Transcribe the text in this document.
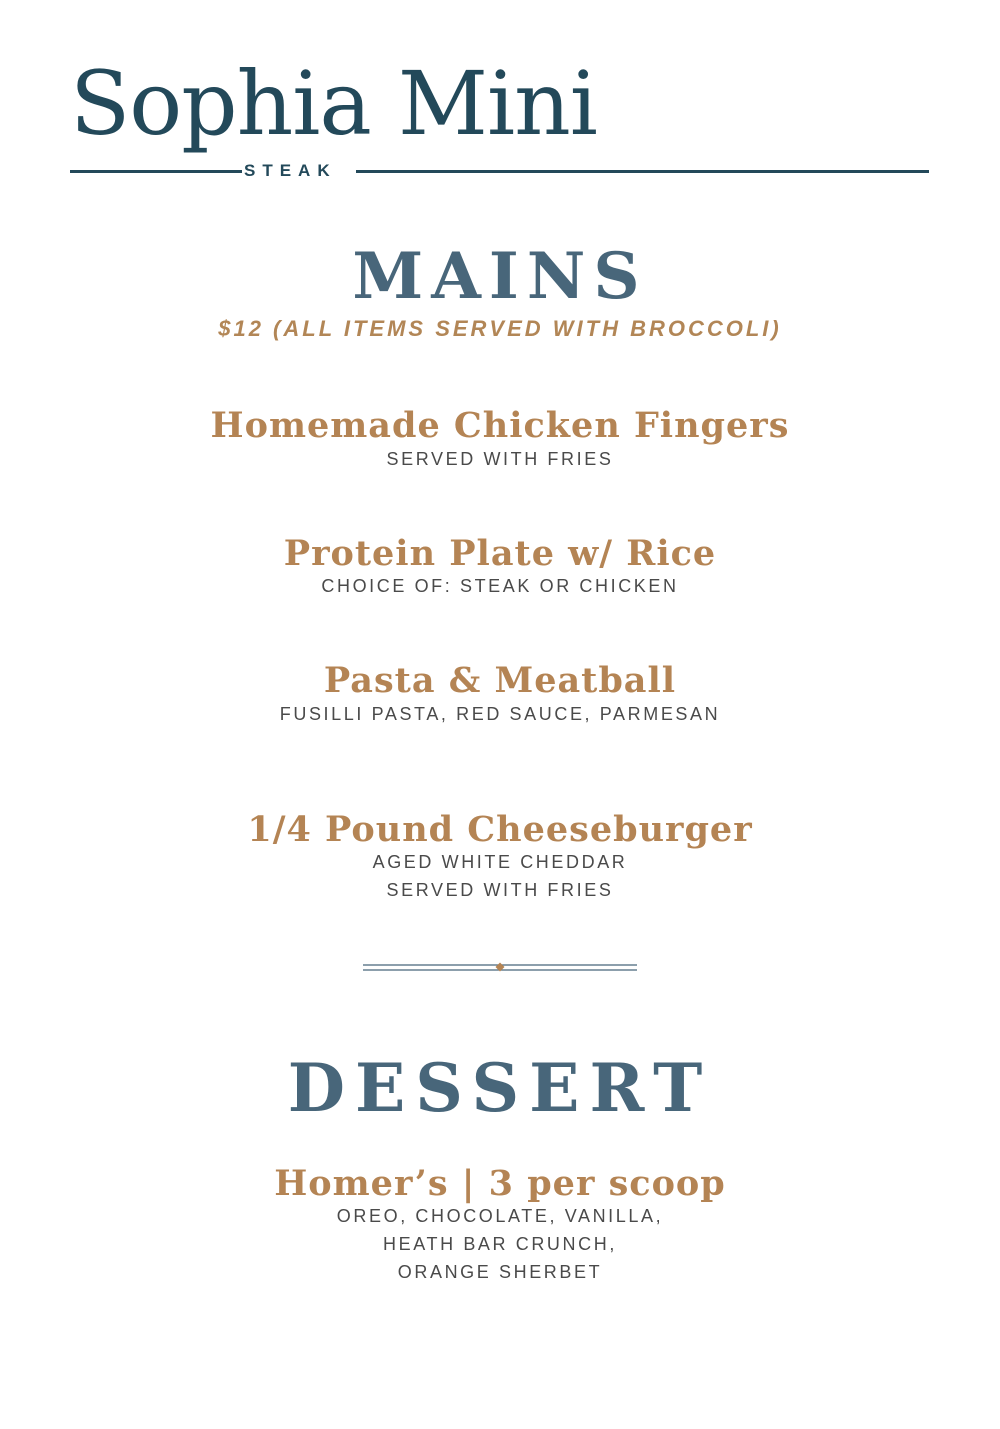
Sophia Mini
STEAK
MAINS
$12 (ALL ITEMS SERVED WITH BROCCOLI)
Homemade Chicken Fingers
SERVED WITH FRIES
Protein Plate w/ Rice
CHOICE OF: STEAK OR CHICKEN
Pasta & Meatball
FUSILLI PASTA, RED SAUCE, PARMESAN
1/4 Pound Cheeseburger
AGED WHITE CHEDDAR
SERVED WITH FRIES
DESSERT
Homer’s | 3 per scoop
OREO, CHOCOLATE, VANILLA,
HEATH BAR CRUNCH,
ORANGE SHERBET
